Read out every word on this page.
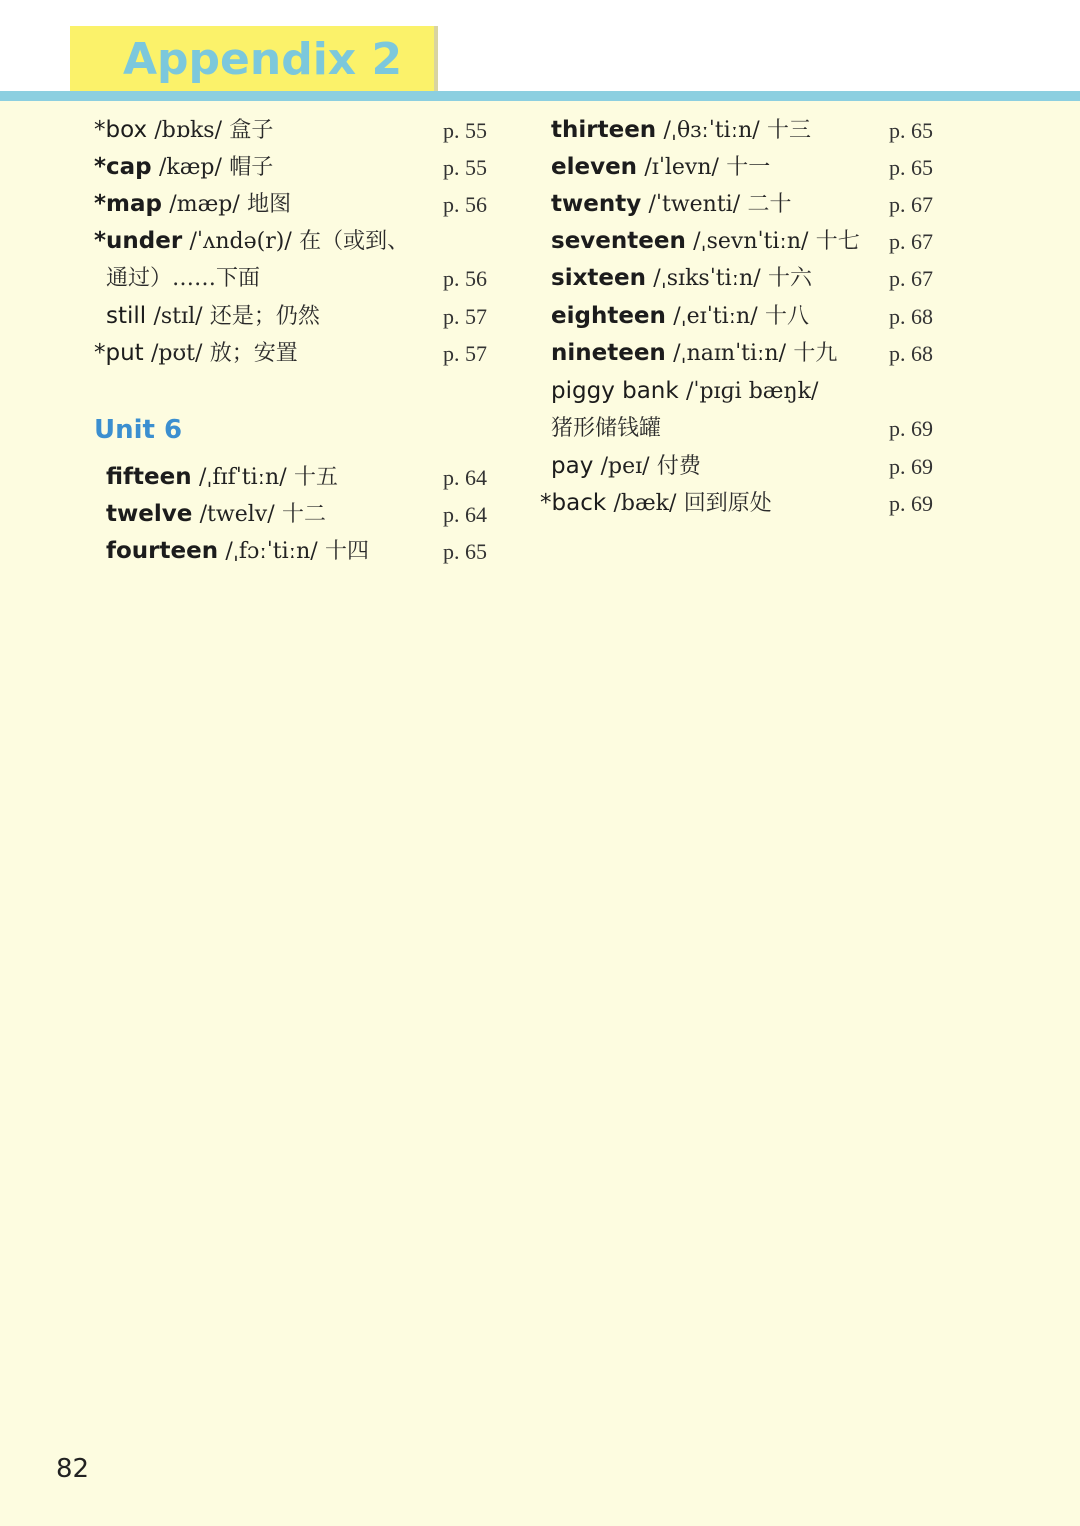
Appendix 2
*box /bɒks/ 盒子	p. 55
*cap /kæp/ 帽子	p. 55
*map /mæp/ 地图	p. 56
*under /ˈʌndə(r)/ 在（或到、
通过）……下面	p. 56
still /stɪl/ 还是；仍然	p. 57
*put /pʊt/ 放；安置	p. 57
Unit 6
fifteen /ˌfɪfˈtiːn/ 十五	p. 64
twelve /twelv/ 十二	p. 64
fourteen /ˌfɔːˈtiːn/ 十四	p. 65
thirteen /ˌθɜːˈtiːn/ 十三	p. 65
eleven /ɪˈlevn/ 十一	p. 65
twenty /ˈtwenti/ 二十	p. 67
seventeen /ˌsevnˈtiːn/ 十七 p. 67
sixteen /ˌsɪksˈtiːn/ 十六	p. 67
eighteen /ˌeɪˈtiːn/ 十八	p. 68
nineteen /ˌnaɪnˈtiːn/ 十九 p. 68
piggy bank /ˈpɪɡi bæŋk/
猪形储钱罐	p. 69
pay /peɪ/ 付费	p. 69
*back /bæk/ 回到原处	p. 69
82
